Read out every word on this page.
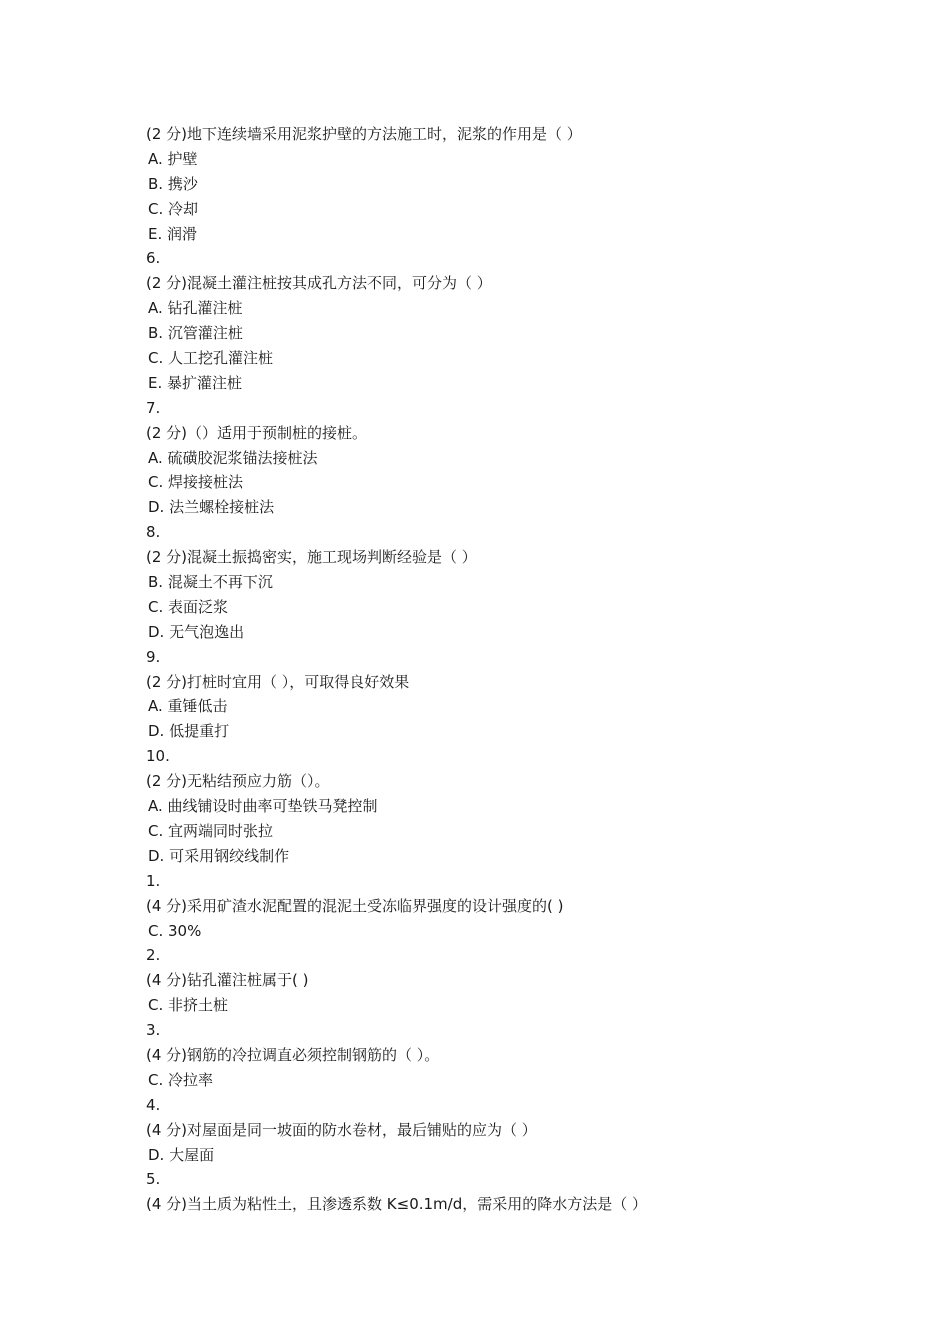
(2 分)地下连续墙采用泥浆护壁的方法施工时，泥浆的作用是（ ）
A. 护壁
B. 携沙
C. 冷却
E. 润滑
6.
(2 分)混凝土灌注桩按其成孔方法不同，可分为（ ）
A. 钻孔灌注桩
B. 沉管灌注桩
C. 人工挖孔灌注桩
E. 暴扩灌注桩
7.
(2 分)（）适用于预制桩的接桩。
A. 硫磺胶泥浆锚法接桩法
C. 焊接接桩法
D. 法兰螺栓接桩法
8.
(2 分)混凝土振捣密实，施工现场判断经验是（ ）
B. 混凝土不再下沉
C. 表面泛浆
D. 无气泡逸出
9.
(2 分)打桩时宜用（ ），可取得良好效果
A. 重锤低击
D. 低提重打
10.
(2 分)无粘结预应力筋（）。
A. 曲线铺设时曲率可垫铁马凳控制
C. 宜两端同时张拉
D. 可采用钢绞线制作
1.
(4 分)采用矿渣水泥配置的混泥土受冻临界强度的设计强度的( )
C. 30%
2.
(4 分)钻孔灌注桩属于( )
C. 非挤土桩
3.
(4 分)钢筋的冷拉调直必须控制钢筋的（ ）。
C. 冷拉率
4.
(4 分)对屋面是同一坡面的防水卷材，最后铺贴的应为（ ）
D. 大屋面
5.
(4 分)当土质为粘性土，且渗透系数 K≤0.1m/d，需采用的降水方法是（ ）
